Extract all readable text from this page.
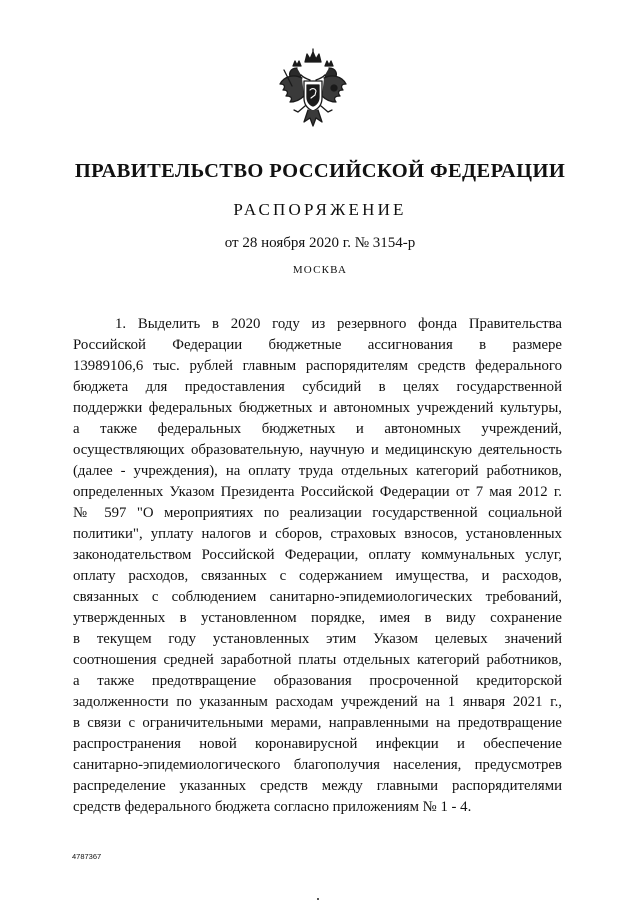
ПРАВИТЕЛЬСТВО РОССИЙСКОЙ ФЕДЕРАЦИИ
РАСПОРЯЖЕНИЕ
от 28 ноября 2020 г. № 3154-р
МОСКВА
1. Выделить в 2020 году из резервного фонда Правительства
Российской Федерации бюджетные ассигнования в размере
13989106,6 тыс. рублей главным распорядителям средств федерального
бюджета для предоставления субсидий в целях государственной
поддержки федеральных бюджетных и автономных учреждений культуры,
а также федеральных бюджетных и автономных учреждений,
осуществляющих образовательную, научную и медицинскую деятельность
(далее - учреждения), на оплату труда отдельных категорий работников,
определенных Указом Президента Российской Федерации от 7 мая 2012 г.
№ 597 "О мероприятиях по реализации государственной социальной
политики", уплату налогов и сборов, страховых взносов, установленных
законодательством Российской Федерации, оплату коммунальных услуг,
оплату расходов, связанных с содержанием имущества, и расходов,
связанных с соблюдением санитарно-эпидемиологических требований,
утвержденных в установленном порядке, имея в виду сохранение
в текущем году установленных этим Указом целевых значений
соотношения средней заработной платы отдельных категорий работников,
а также предотвращение образования просроченной кредиторской
задолженности по указанным расходам учреждений на 1 января 2021 г.,
в связи с ограничительными мерами, направленными на предотвращение
распространения новой коронавирусной инфекции и обеспечение
санитарно-эпидемиологического благополучия населения, предусмотрев
распределение указанных средств между главными распорядителями
средств федерального бюджета согласно приложениям № 1 - 4.
4787367
